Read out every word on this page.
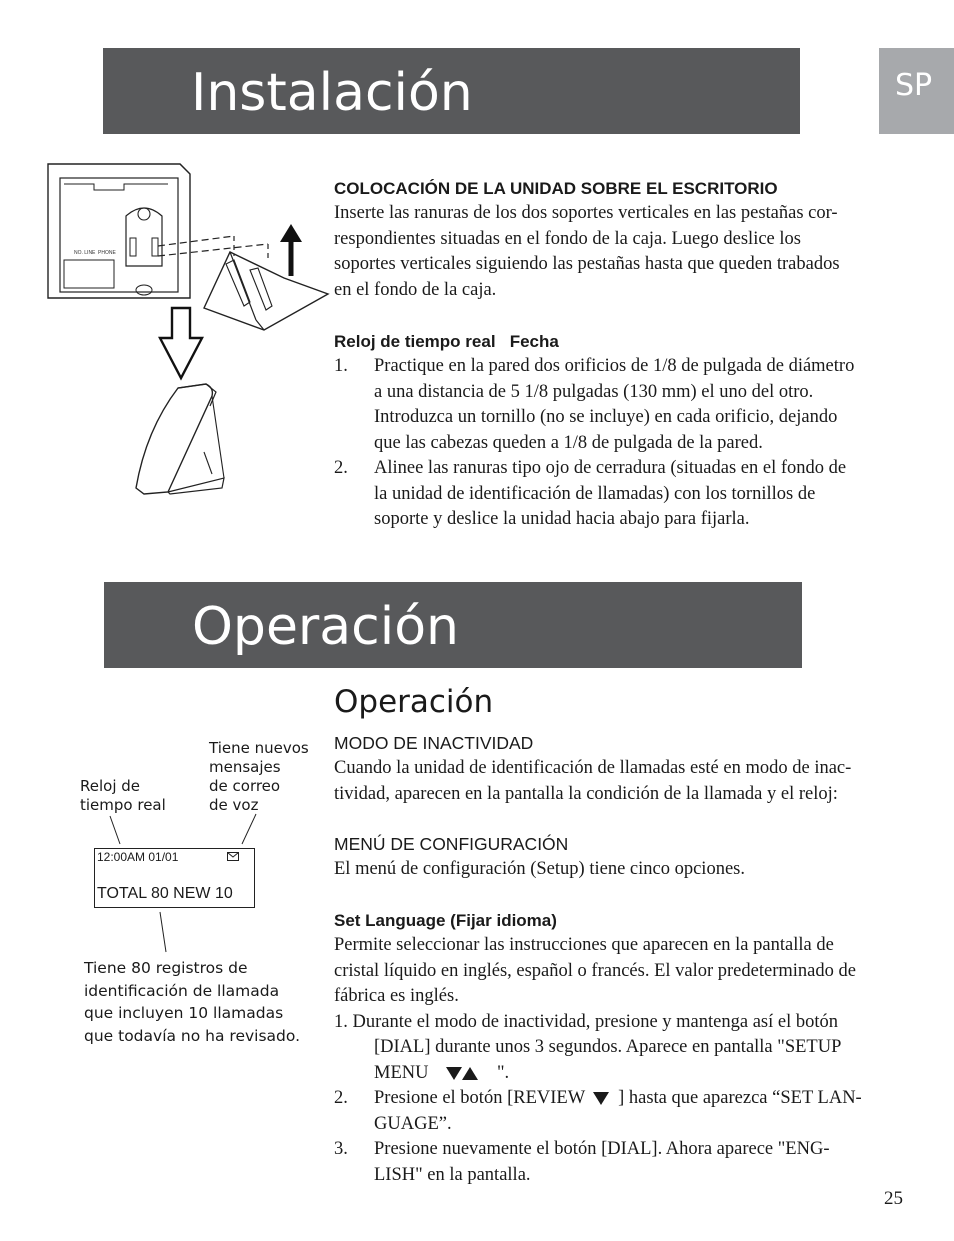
Instalación	SP
NO. LINE PHONE

COLOCACIÓN DE LA UNIDAD SOBRE EL ESCRITORIO

Inserte las ranuras de los dos soportes verticales en las pestañas cor-

respondientes situadas en el fondo de la caja. Luego deslice los

soportes verticales siguiendo las pestañas hasta que queden trabados

en el fondo de la caja.

Reloj de tiempo real   Fecha

1. Practique en la pared dos orificios de 1/8 de pulgada de diámetro

a una distancia de 5 1/8 pulgadas (130 mm) el uno del otro.

Introduzca un tornillo (no se incluye) en cada orificio, dejando

que las cabezas queden a 1/8 de pulgada de la pared.

2. Alinee las ranuras tipo ojo de cerradura (situadas en el fondo de

la unidad de identificación de llamadas) con los tornillos de

soporte y deslice la unidad hacia abajo para fijarla.

Operación
Operación
Reloj de
tiempo real
Tiene nuevos
mensajes
de correo
de voz
12:00AM 01/01
TOTAL 80 NEW 10
Tiene 80 registros de
identificación de llamada
que incluyen 10 llamadas
que todavía no ha revisado.

MODO DE INACTIVIDAD

Cuando la unidad de identificación de llamadas esté en modo de inac-

tividad, aparecen en la pantalla la condición de la llamada y el reloj:

MENÚ DE CONFIGURACIÓN

El menú de configuración (Setup) tiene cinco opciones.

Set Language (Fijar idioma)

Permite seleccionar las instrucciones que aparecen en la pantalla de

cristal líquido en inglés, español o francés. El valor predeterminado de

fábrica es inglés.

1. Durante el modo de inactividad, presione y mantenga así el botón

[DIAL] durante unos 3 segundos. Aparece en pantalla "SETUP

MENU	".

2. Presione el botón [REVIEW ] hasta que aparezca “SET LAN-

GUAGE”.

3. Presione nuevamente el botón [DIAL]. Ahora aparece "ENG-

LISH" en la pantalla.

25
